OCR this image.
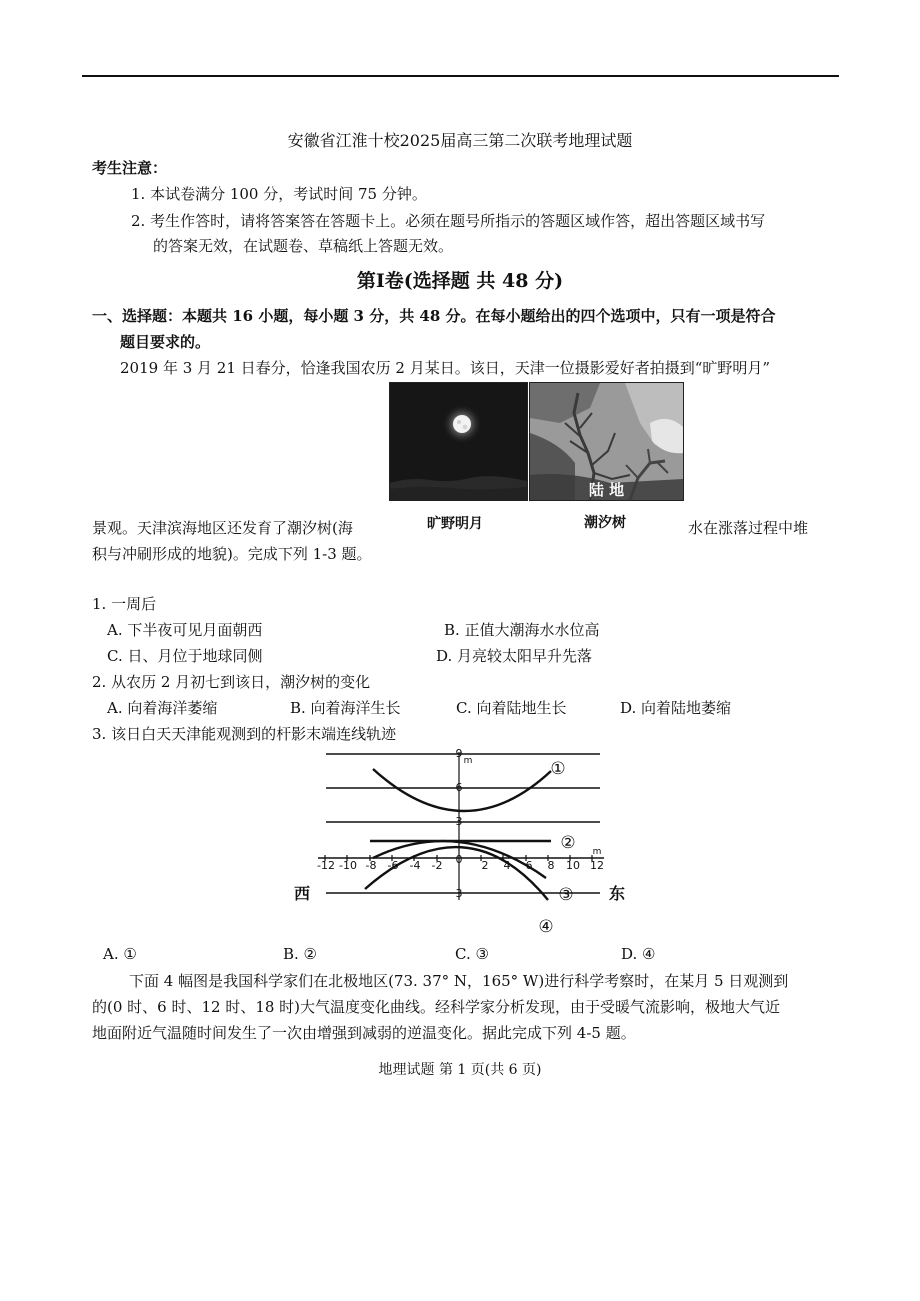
安徽省江淮十校2025届高三第二次联考地理试题
考生注意：
1. 本试卷满分 100 分，考试时间 75 分钟。
2. 考生作答时，请将答案答在答题卡上。必须在题号所指示的答题区域作答，超出答题区域书写
的答案无效，在试题卷、草稿纸上答题无效。
第Ⅰ卷(选择题 共 48 分)
一、选择题：本题共 16 小题，每小题 3 分，共 48 分。在每小题给出的四个选项中，只有一项是符合
题目要求的。
2019 年 3 月 21 日春分，恰逢我国农历 2 月某日。该日，天津一位摄影爱好者拍摄到“旷野明月”
陆 地
旷野明月	潮汐树
景观。天津滨海地区还发育了潮汐树(海	水在涨落过程中堆
积与冲刷形成的地貌)。完成下列 1-3 题。
1. 一周后
A. 下半夜可见月面朝西	B. 正值大潮海水水位高
C. 日、月位于地球同侧	D. 月亮较太阳早升先落
2. 从农历 2 月初七到该日，潮汐树的变化
A. 向着海洋萎缩	B. 向着海洋生长	C. 向着陆地生长	D. 向着陆地萎缩
3. 该日白天天津能观测到的杆影末端连线轨迹
9
6
3
0
3
m
m
-12 -10 -8 -6 -4 -2	2 4 6 8 10 12
①
②
③
④
西	东
A. ①	B. ②	C. ③	D. ④
下面 4 幅图是我国科学家们在北极地区(73. 37° N，165° W)进行科学考察时，在某月 5 日观测到
的(0 时、6 时、12 时、18 时)大气温度变化曲线。经科学家分析发现，由于受暖气流影响，极地大气近
地面附近气温随时间发生了一次由增强到减弱的逆温变化。据此完成下列 4-5 题。
地理试题 第 1 页(共 6 页)
